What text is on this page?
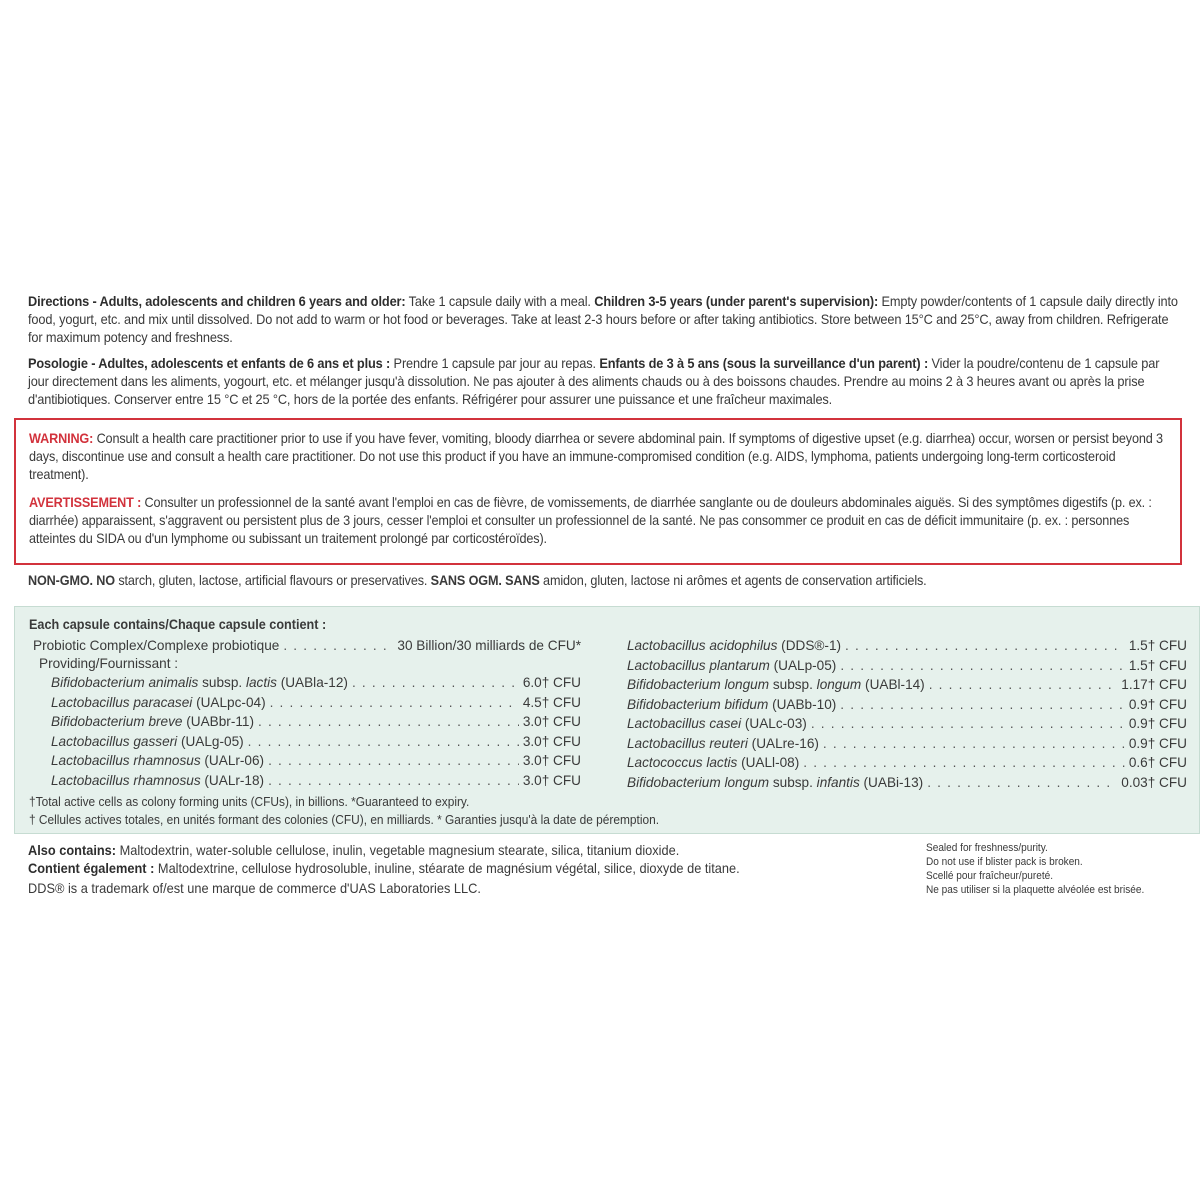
Directions - Adults, adolescents and children 6 years and older: Take 1 capsule daily with a meal. Children 3-5 years (under parent's supervision): Empty powder/contents of 1 capsule daily directly into food, yogurt, etc. and mix until dissolved. Do not add to warm or hot food or beverages. Take at least 2-3 hours before or after taking antibiotics. Store between 15°C and 25°C, away from children. Refrigerate for maximum potency and freshness.
Posologie - Adultes, adolescents et enfants de 6 ans et plus : Prendre 1 capsule par jour au repas. Enfants de 3 à 5 ans (sous la surveillance d'un parent) : Vider la poudre/contenu de 1 capsule par jour directement dans les aliments, yogourt, etc. et mélanger jusqu'à dissolution. Ne pas ajouter à des aliments chauds ou à des boissons chaudes. Prendre au moins 2 à 3 heures avant ou après la prise d'antibiotiques. Conserver entre 15 °C et 25 °C, hors de la portée des enfants. Réfrigérer pour assurer une puissance et une fraîcheur maximales.
WARNING: Consult a health care practitioner prior to use if you have fever, vomiting, bloody diarrhea or severe abdominal pain. If symptoms of digestive upset (e.g. diarrhea) occur, worsen or persist beyond 3 days, discontinue use and consult a health care practitioner. Do not use this product if you have an immune-compromised condition (e.g. AIDS, lymphoma, patients undergoing long-term corticosteroid treatment).
AVERTISSEMENT : Consulter un professionnel de la santé avant l'emploi en cas de fièvre, de vomissements, de diarrhée sanglante ou de douleurs abdominales aiguës. Si des symptômes digestifs (p. ex. : diarrhée) apparaissent, s'aggravent ou persistent plus de 3 jours, cesser l'emploi et consulter un professionnel de la santé. Ne pas consommer ce produit en cas de déficit immunitaire (p. ex. : personnes atteintes du SIDA ou d'un lymphome ou subissant un traitement prolongé par corticostéroïdes).
NON-GMO. NO starch, gluten, lactose, artificial flavours or preservatives. SANS OGM. SANS amidon, gluten, lactose ni arômes et agents de conservation artificiels.
Each capsule contains/Chaque capsule contient :
Probiotic Complex/Complexe probiotique . . .	30 Billion/30 milliards de CFU*
Providing/Fournissant :
Bifidobacterium animalis subsp. lactis (UABla-12) . . .	6.0† CFU
Lactobacillus paracasei (UALpc-04) . . .	4.5† CFU
Bifidobacterium breve (UABbr-11) . . .	3.0† CFU
Lactobacillus gasseri (UALg-05) . . .	3.0† CFU
Lactobacillus rhamnosus (UALr-06) . . .	3.0† CFU
Lactobacillus rhamnosus (UALr-18) . . .	3.0† CFU
Lactobacillus acidophilus (DDS®-1) . . .	1.5† CFU
Lactobacillus plantarum (UALp-05) . . .	1.5† CFU
Bifidobacterium longum subsp. longum (UABl-14) . . .	1.17† CFU
Bifidobacterium bifidum (UABb-10) . . .	0.9† CFU
Lactobacillus casei (UALc-03) . . .	0.9† CFU
Lactobacillus reuteri (UALre-16) . . .	0.9† CFU
Lactococcus lactis (UALl-08) . . .	0.6† CFU
Bifidobacterium longum subsp. infantis (UABi-13) . . .	0.03† CFU
†Total active cells as colony forming units (CFUs), in billions. *Guaranteed to expiry.
† Cellules actives totales, en unités formant des colonies (CFU), en milliards. * Garanties jusqu'à la date de péremption.
Also contains: Maltodextrin, water-soluble cellulose, inulin, vegetable magnesium stearate, silica, titanium dioxide.
Contient également : Maltodextrine, cellulose hydrosoluble, inuline, stéarate de magnésium végétal, silice, dioxyde de titane.
DDS® is a trademark of/est une marque de commerce d'UAS Laboratories LLC.
Sealed for freshness/purity.
Do not use if blister pack is broken.
Scellé pour fraîcheur/pureté.
Ne pas utiliser si la plaquette alvéolée est brisée.
